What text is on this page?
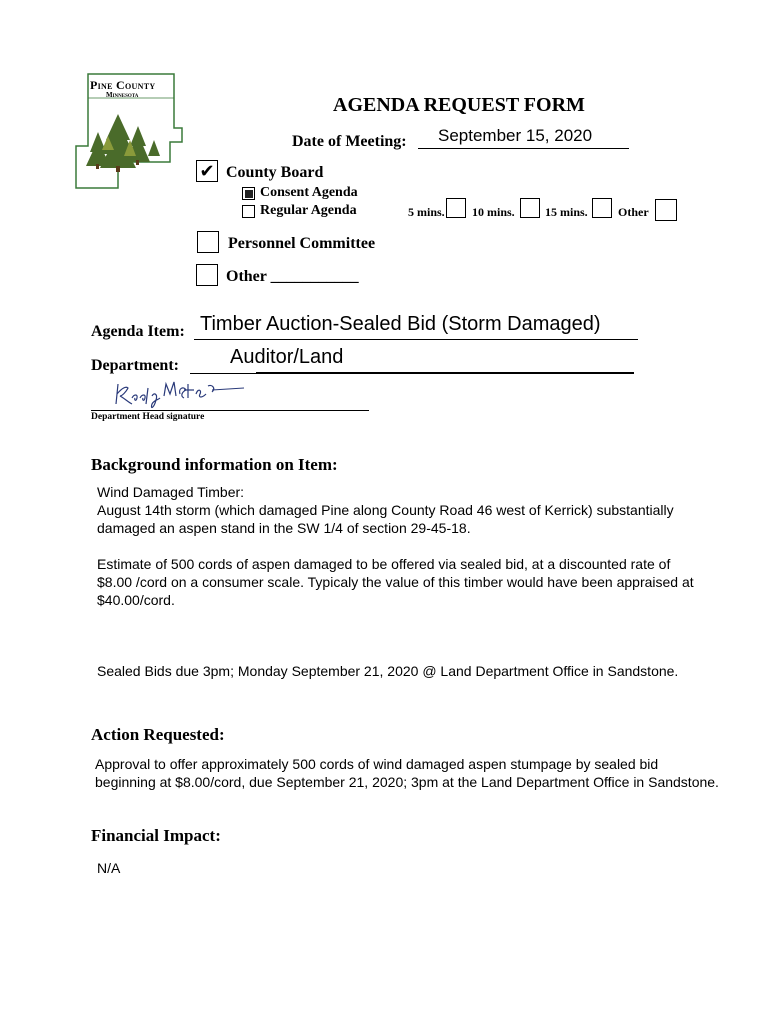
Pine County
Minnesota	AGENDA REQUEST FORM
Date of Meeting: September 15, 2020
✔ County Board
Consent Agenda
Regular Agenda	5 mins. 10 mins.	15 mins.	Other
Personnel Committee
Other ___________
Agenda Item: Timber Auction-Sealed Bid (Storm Damaged)
Department:	Auditor/Land
Department Head signature
Background information on Item:
Wind Damaged Timber:
August 14th storm (which damaged Pine along County Road 46 west of Kerrick) substantially
damaged an aspen stand in the SW 1/4 of section 29-45-18.
Estimate of 500 cords of aspen damaged to be offered via sealed bid, at a discounted rate of
$8.00 /cord on a consumer scale. Typicaly the value of this timber would have been appraised at
$40.00/cord.
Sealed Bids due 3pm; Monday September 21, 2020 @ Land Department Office in Sandstone.
Action Requested:
Approval to offer approximately 500 cords of wind damaged aspen stumpage by sealed bid
beginning at $8.00/cord, due September 21, 2020; 3pm at the Land Department Office in Sandstone.
Financial Impact:
N/A
